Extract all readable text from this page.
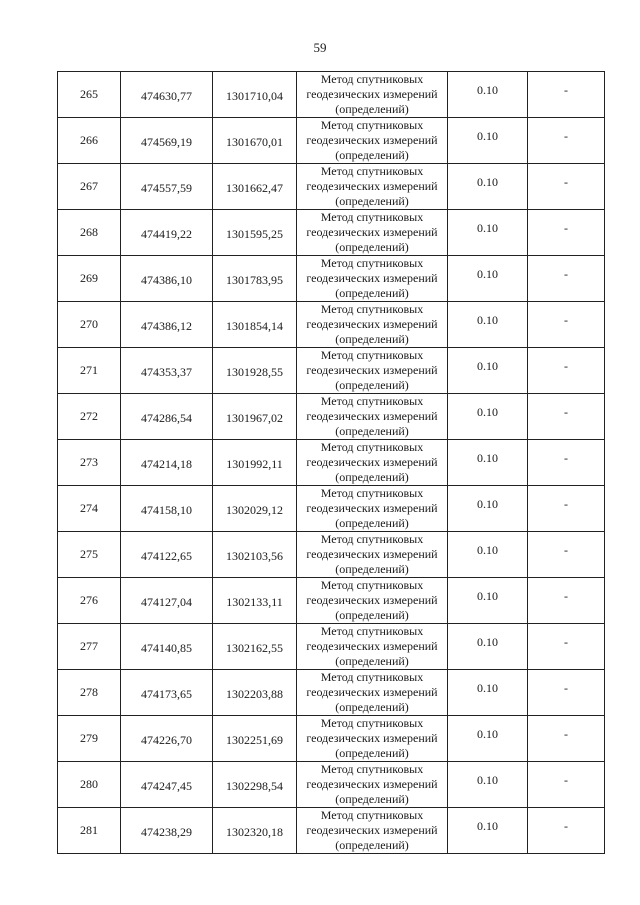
59
265	474630,77	1301710,04	Метод спутниковых геодезических измерений (определений)	0.10	-
266	474569,19	1301670,01	Метод спутниковых геодезических измерений (определений)	0.10	-
267	474557,59	1301662,47	Метод спутниковых геодезических измерений (определений)	0.10	-
268	474419,22	1301595,25	Метод спутниковых геодезических измерений (определений)	0.10	-
269	474386,10	1301783,95	Метод спутниковых геодезических измерений (определений)	0.10	-
270	474386,12	1301854,14	Метод спутниковых геодезических измерений (определений)	0.10	-
271	474353,37	1301928,55	Метод спутниковых геодезических измерений (определений)	0.10	-
272	474286,54	1301967,02	Метод спутниковых геодезических измерений (определений)	0.10	-
273	474214,18	1301992,11	Метод спутниковых геодезических измерений (определений)	0.10	-
274	474158,10	1302029,12	Метод спутниковых геодезических измерений (определений)	0.10	-
275	474122,65	1302103,56	Метод спутниковых геодезических измерений (определений)	0.10	-
276	474127,04	1302133,11	Метод спутниковых геодезических измерений (определений)	0.10	-
277	474140,85	1302162,55	Метод спутниковых геодезических измерений (определений)	0.10	-
278	474173,65	1302203,88	Метод спутниковых геодезических измерений (определений)	0.10	-
279	474226,70	1302251,69	Метод спутниковых геодезических измерений (определений)	0.10	-
280	474247,45	1302298,54	Метод спутниковых геодезических измерений (определений)	0.10	-
281	474238,29	1302320,18	Метод спутниковых геодезических измерений (определений)	0.10	-
